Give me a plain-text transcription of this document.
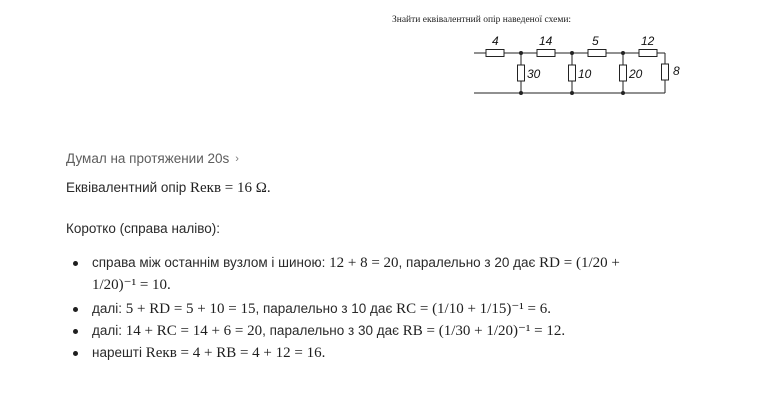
Знайти еквівалентний опір наведеної схеми:
4	14	5	12
30	10	20	8
Думал на протяжении 20s ›
Еквівалентний опір Rекв = 16 Ω.
Коротко (справа наліво):
справа між останнім вузлом і шиною: 12 + 8 = 20, паралельно з 20 дає RD = (1/20 +
1/20)⁻¹ = 10.
далі: 5 + RD = 5 + 10 = 15, паралельно з 10 дає RC = (1/10 + 1/15)⁻¹ = 6.
далі: 14 + RC = 14 + 6 = 20, паралельно з 30 дає RB = (1/30 + 1/20)⁻¹ = 12.
нарешті Rекв = 4 + RB = 4 + 12 = 16.
